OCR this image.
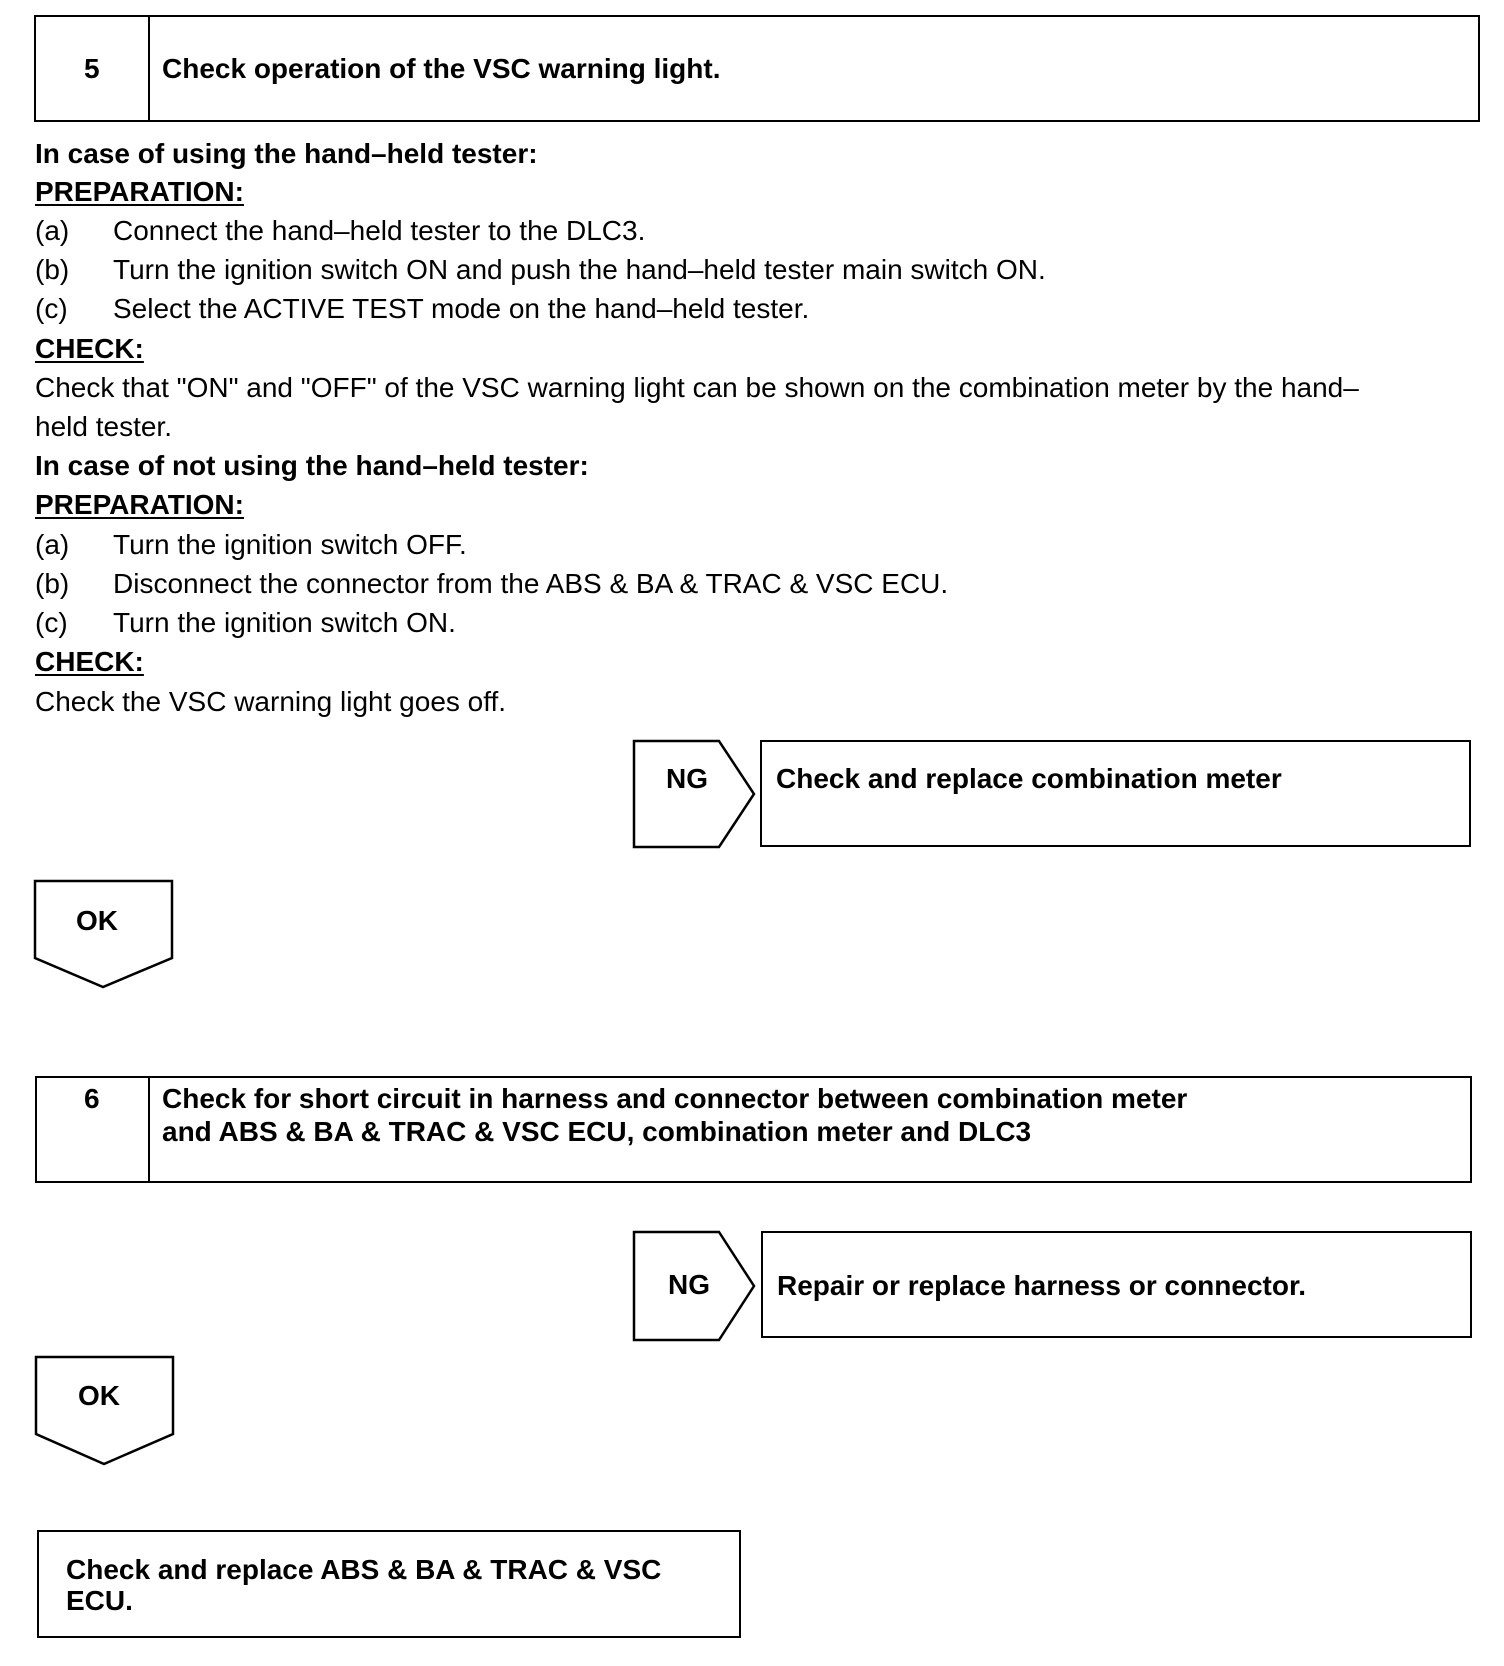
5 Check operation of the VSC warning light.
In case of using the hand–held tester:
PREPARATION:
(a) Connect the hand–held tester to the DLC3.
(b) Turn the ignition switch ON and push the hand–held tester main switch ON.
(c) Select the ACTIVE TEST mode on the hand–held tester.
CHECK:
Check that "ON" and "OFF" of the VSC warning light can be shown on the combination meter by the hand–
held tester.
In case of not using the hand–held tester:
PREPARATION:
(a) Turn the ignition switch OFF.
(b) Disconnect the connector from the ABS & BA & TRAC & VSC ECU.
(c) Turn the ignition switch ON.
CHECK:
Check the VSC warning light goes off.
NG Check and replace combination meter
OK
6 Check for short circuit in harness and connector between combination meter
and ABS & BA & TRAC & VSC ECU, combination meter and DLC3
NG Repair or replace harness or connector.
OK
Check and replace ABS & BA & TRAC & VSC
ECU.
